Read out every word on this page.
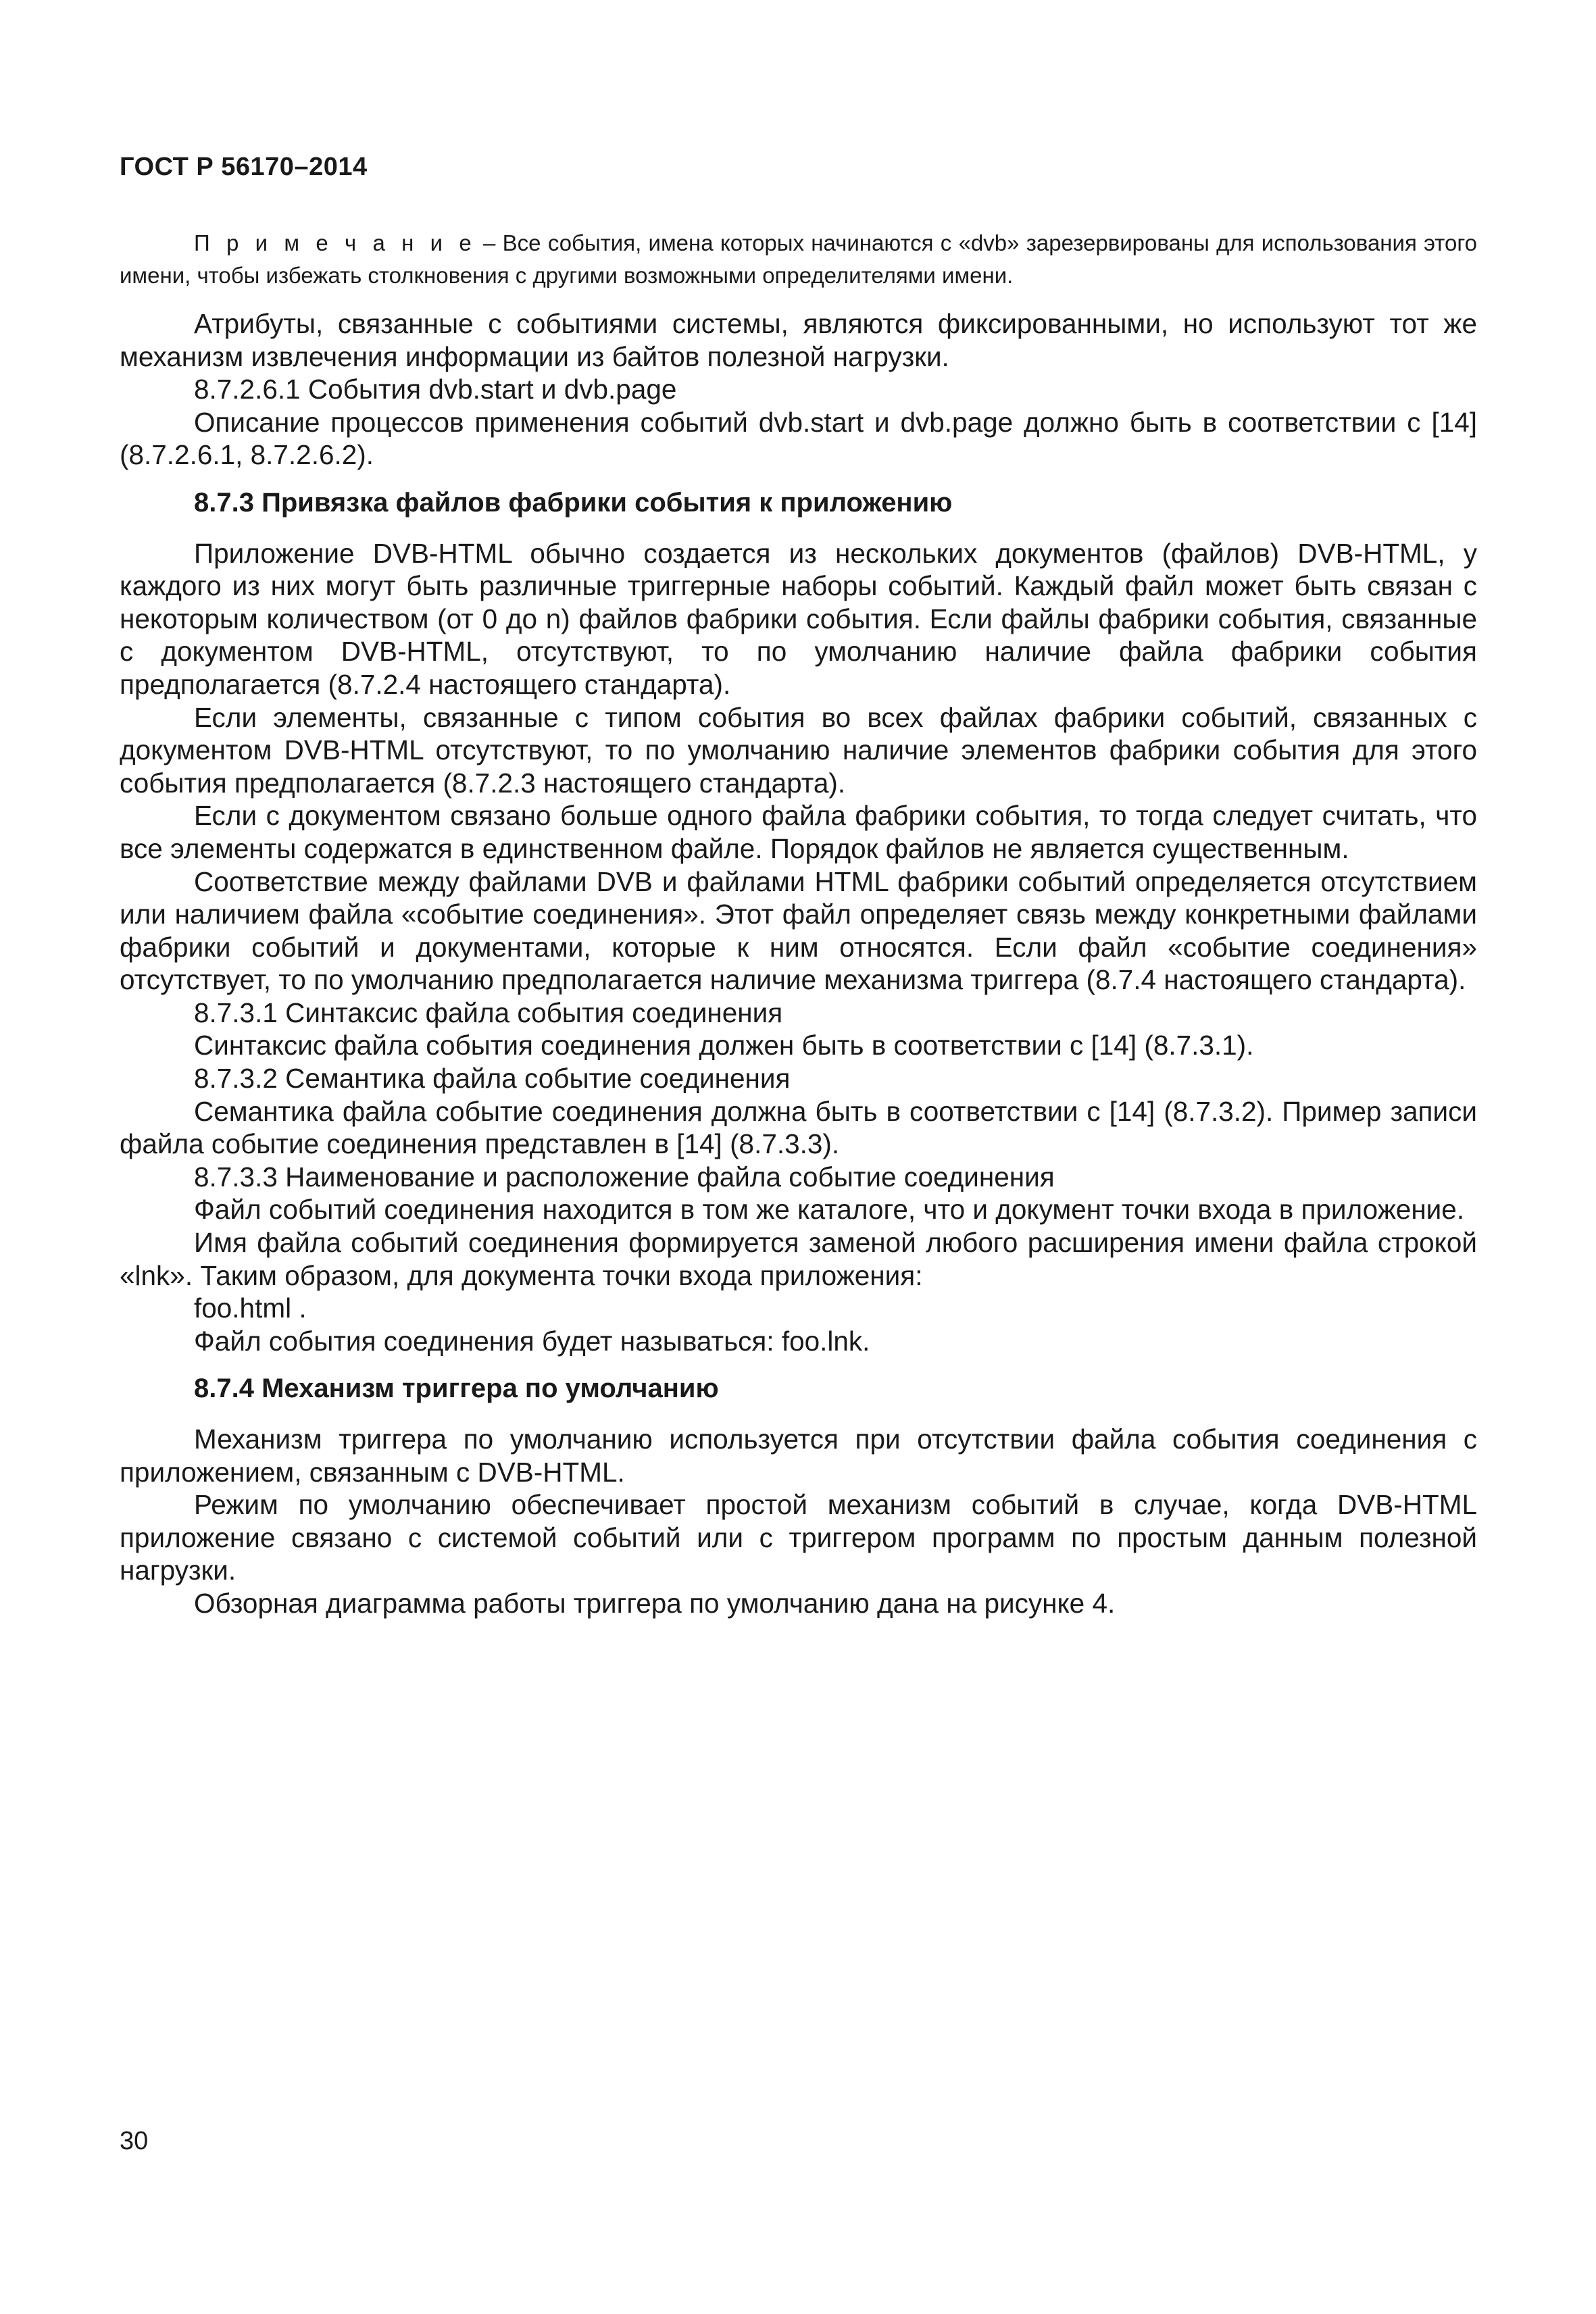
ГОСТ Р 56170–2014
П р и м е ч а н и е – Все события, имена которых начинаются с «dvb» зарезервированы для использования этого имени, чтобы избежать столкновения с другими возможными определителями имени.

Атрибуты, связанные с событиями системы, являются фиксированными, но используют тот же механизм извлечения информации из байтов полезной нагрузки.

8.7.2.6.1 События dvb.start и dvb.page

Описание процессов применения событий dvb.start и dvb.page должно быть в соответствии с [14] (8.7.2.6.1, 8.7.2.6.2).

8.7.3 Привязка файлов фабрики события к приложению

Приложение DVB-HTML обычно создается из нескольких документов (файлов) DVB-HTML, у каждого из них могут быть различные триггерные наборы событий. Каждый файл может быть связан с некоторым количеством (от 0 до n) файлов фабрики события. Если файлы фабрики события, связанные с документом DVB-HTML, отсутствуют, то по умолчанию наличие файла фабрики события предполагается (8.7.2.4 настоящего стандарта).

Если элементы, связанные с типом события во всех файлах фабрики событий, связанных с документом DVB-HTML отсутствуют, то по умолчанию наличие элементов фабрики события для этого события предполагается (8.7.2.3 настоящего стандарта).

Если с документом связано больше одного файла фабрики события, то тогда следует считать, что все элементы содержатся в единственном файле. Порядок файлов не является существенным.

Соответствие между файлами DVB и файлами HTML фабрики событий определяется отсутствием или наличием файла «событие соединения». Этот файл определяет связь между конкретными файлами фабрики событий и документами, которые к ним относятся. Если файл «событие соединения» отсутствует, то по умолчанию предполагается наличие механизма триггера (8.7.4 настоящего стандарта).

8.7.3.1 Синтаксис файла события соединения

Синтаксис файла события соединения должен быть в соответствии с [14] (8.7.3.1).

8.7.3.2 Семантика файла событие соединения

Семантика файла событие соединения должна быть в соответствии с [14] (8.7.3.2). Пример записи файла событие соединения представлен в [14] (8.7.3.3).

8.7.3.3 Наименование и расположение файла событие соединения

Файл событий соединения находится в том же каталоге, что и документ точки входа в приложение.

Имя файла событий соединения формируется заменой любого расширения имени файла строкой «lnk». Таким образом, для документа точки входа приложения:

foo.html .

Файл события соединения будет называться: foo.lnk.

8.7.4 Механизм триггера по умолчанию

Механизм триггера по умолчанию используется при отсутствии файла события соединения с приложением, связанным с DVB-HTML.

Режим по умолчанию обеспечивает простой механизм событий в случае, когда DVB-HTML приложение связано с системой событий или с триггером программ по простым данным полезной нагрузки.

Обзорная диаграмма работы триггера по умолчанию дана на рисунке 4.

30
